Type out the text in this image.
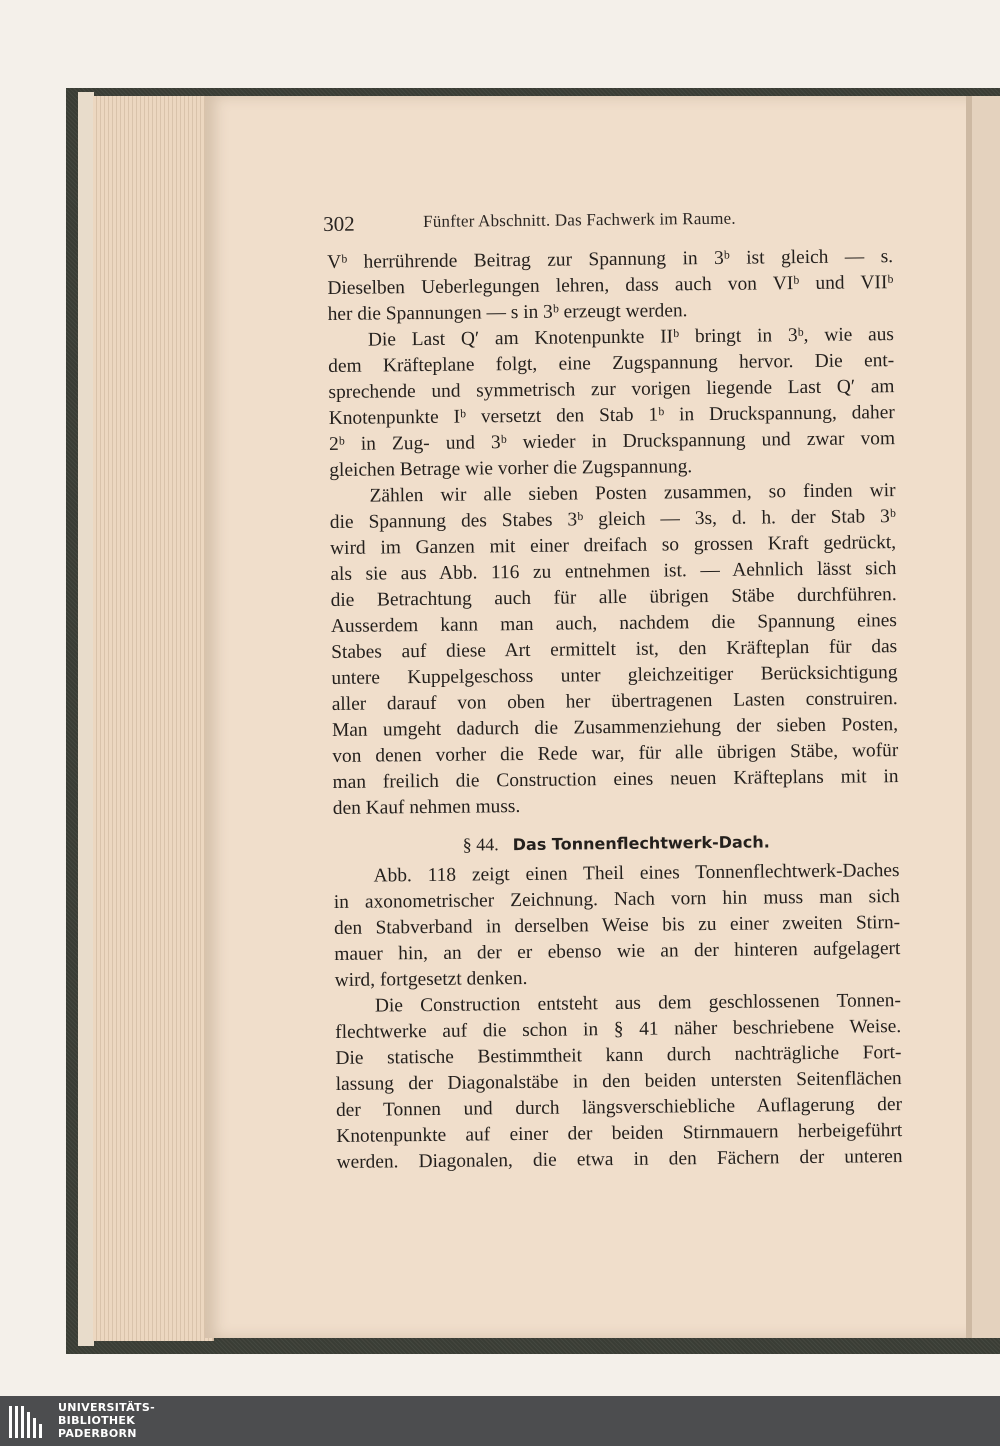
302	Fünfter Abschnitt. Das Fachwerk im Raume.
Vᵇ herrührende Beitrag zur Spannung in 3ᵇ ist gleich — s.
Dieselben Ueberlegungen lehren, dass auch von VIᵇ und VIIᵇ
her die Spannungen — s in 3ᵇ erzeugt werden.
Die Last Q′ am Knotenpunkte IIᵇ bringt in 3ᵇ, wie aus
dem Kräfteplane folgt, eine Zugspannung hervor. Die ent-
sprechende und symmetrisch zur vorigen liegende Last Q′ am
Knotenpunkte Iᵇ versetzt den Stab 1ᵇ in Druckspannung, daher
2ᵇ in Zug- und 3ᵇ wieder in Druckspannung und zwar vom
gleichen Betrage wie vorher die Zugspannung.
Zählen wir alle sieben Posten zusammen, so finden wir
die Spannung des Stabes 3ᵇ gleich — 3s, d. h. der Stab 3ᵇ
wird im Ganzen mit einer dreifach so grossen Kraft gedrückt,
als sie aus Abb. 116 zu entnehmen ist. — Aehnlich lässt sich
die Betrachtung auch für alle übrigen Stäbe durchführen.
Ausserdem kann man auch, nachdem die Spannung eines
Stabes auf diese Art ermittelt ist, den Kräfteplan für das
untere Kuppelgeschoss unter gleichzeitiger Berücksichtigung
aller darauf von oben her übertragenen Lasten construiren.
Man umgeht dadurch die Zusammenziehung der sieben Posten,
von denen vorher die Rede war, für alle übrigen Stäbe, wofür
man freilich die Construction eines neuen Kräfteplans mit in
den Kauf nehmen muss.
§ 44. Das Tonnenflechtwerk-Dach.
Abb. 118 zeigt einen Theil eines Tonnenflechtwerk-Daches
in axonometrischer Zeichnung. Nach vorn hin muss man sich
den Stabverband in derselben Weise bis zu einer zweiten Stirn-
mauer hin, an der er ebenso wie an der hinteren aufgelagert
wird, fortgesetzt denken.
Die Construction entsteht aus dem geschlossenen Tonnen-
flechtwerke auf die schon in § 41 näher beschriebene Weise.
Die statische Bestimmtheit kann durch nachträgliche Fort-
lassung der Diagonalstäbe in den beiden untersten Seitenflächen
der Tonnen und durch längsverschiebliche Auflagerung der
Knotenpunkte auf einer der beiden Stirnmauern herbeigeführt
werden. Diagonalen, die etwa in den Fächern der unteren
UNIVERSITÄTS-
BIBLIOTHEK
PADERBORN
